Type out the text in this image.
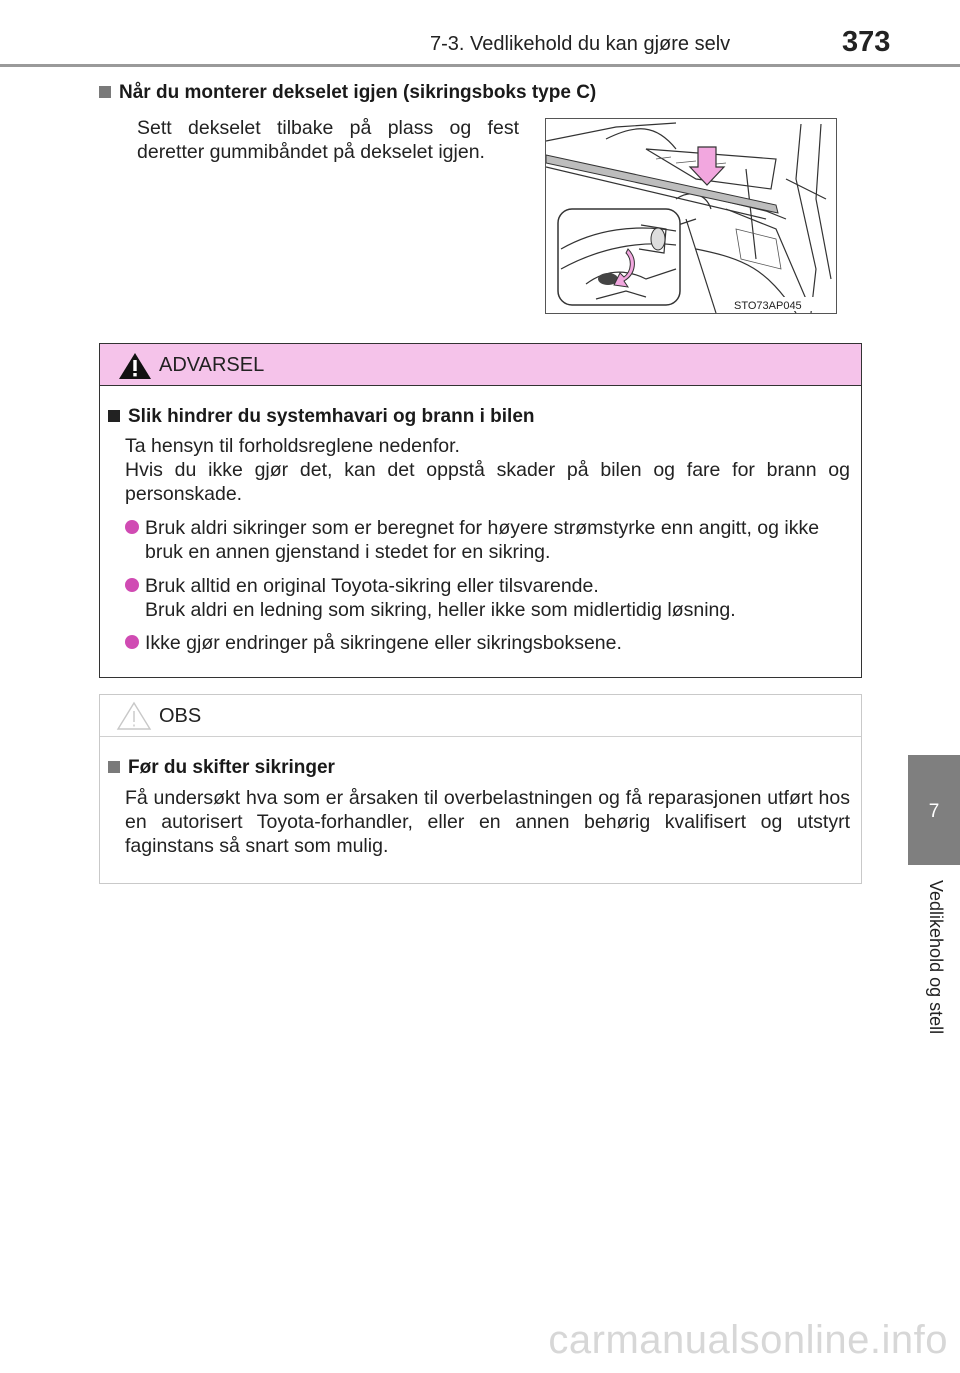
7-3. Vedlikehold du kan gjøre selv	373
7
Vedlikehold og stell
Når du monterer dekselet igjen (sikringsboks type C)
Sett dekselet tilbake på plass og fest deretter gummibåndet på dekselet igjen.
STO73AP045
ADVARSEL
Slik hindrer du systemhavari og brann i bilen
Ta hensyn til forholdsreglene nedenfor.
Hvis du ikke gjør det, kan det oppstå skader på bilen og fare for brann og personskade.
Bruk aldri sikringer som er beregnet for høyere strømstyrke enn angitt, og ikke bruk en annen gjenstand i stedet for en sikring.
Bruk alltid en original Toyota-sikring eller tilsvarende.
Bruk aldri en ledning som sikring, heller ikke som midlertidig løsning.
Ikke gjør endringer på sikringene eller sikringsboksene.
OBS
Før du skifter sikringer
Få undersøkt hva som er årsaken til overbelastningen og få reparasjonen utført hos en autorisert Toyota-forhandler, eller en annen behørig kvalifisert og utstyrt faginstans så snart som mulig.
carmanualsonline.info
